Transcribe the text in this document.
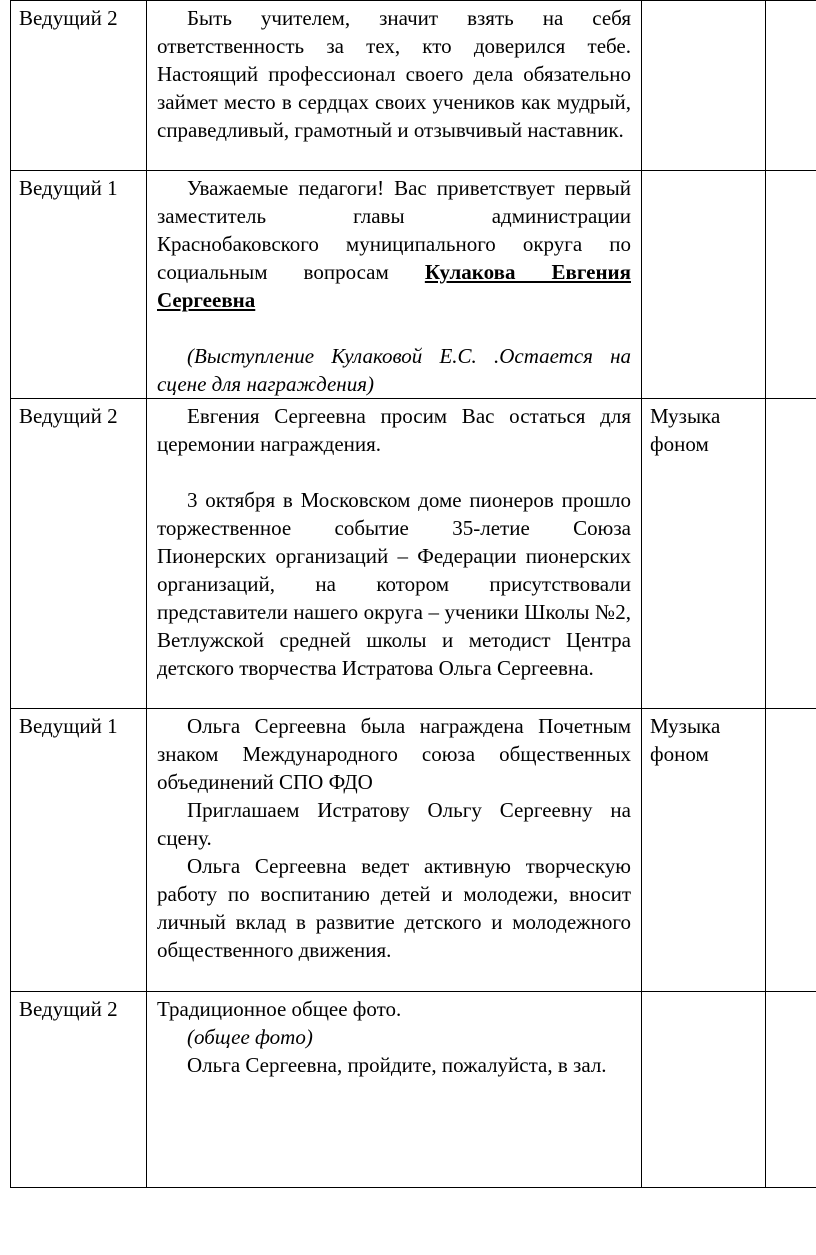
Ведущий 2	Быть учителем, значит взять на себя ответственность за тех, кто доверился тебе. Настоящий профессионал своего дела обязательно займет место в сердцах своих учеников как мудрый, справедливый, грамотный и отзывчивый наставник.		

Ведущий 1	Уважаемые педагоги! Вас приветствует первый заместитель главы администрации Краснобаковского муниципального округа по социальным вопросам Кулакова Евгения Сергеевна

(Выступление Кулаковой Е.С. .Остается на сцене для награждения)		

Ведущий 2	Евгения Сергеевна просим Вас остаться для церемонии награждения.

3 октября в Московском доме пионеров прошло торжественное событие 35-летие Союза Пионерских организаций – Федерации пионерских организаций, на котором присутствовали представители нашего округа – ученики Школы №2, Ветлужской средней школы и методист Центра детского творчества Истратова Ольга Сергеевна.	Музыка фоном	
Ведущий 1	Ольга Сергеевна была награждена Почетным знаком Международного союза общественных объединений СПО ФДО

Приглашаем Истратову Ольгу Сергеевну на сцену.

Ольга Сергеевна ведет активную творческую работу по воспитанию детей и молодежи, вносит личный вклад в развитие детского и молодежного общественного движения.	Музыка фоном	
Ведущий 2	Традиционное общее фото.

(общее фото)

Ольга Сергеевна, пройдите, пожалуйста, в зал.		
